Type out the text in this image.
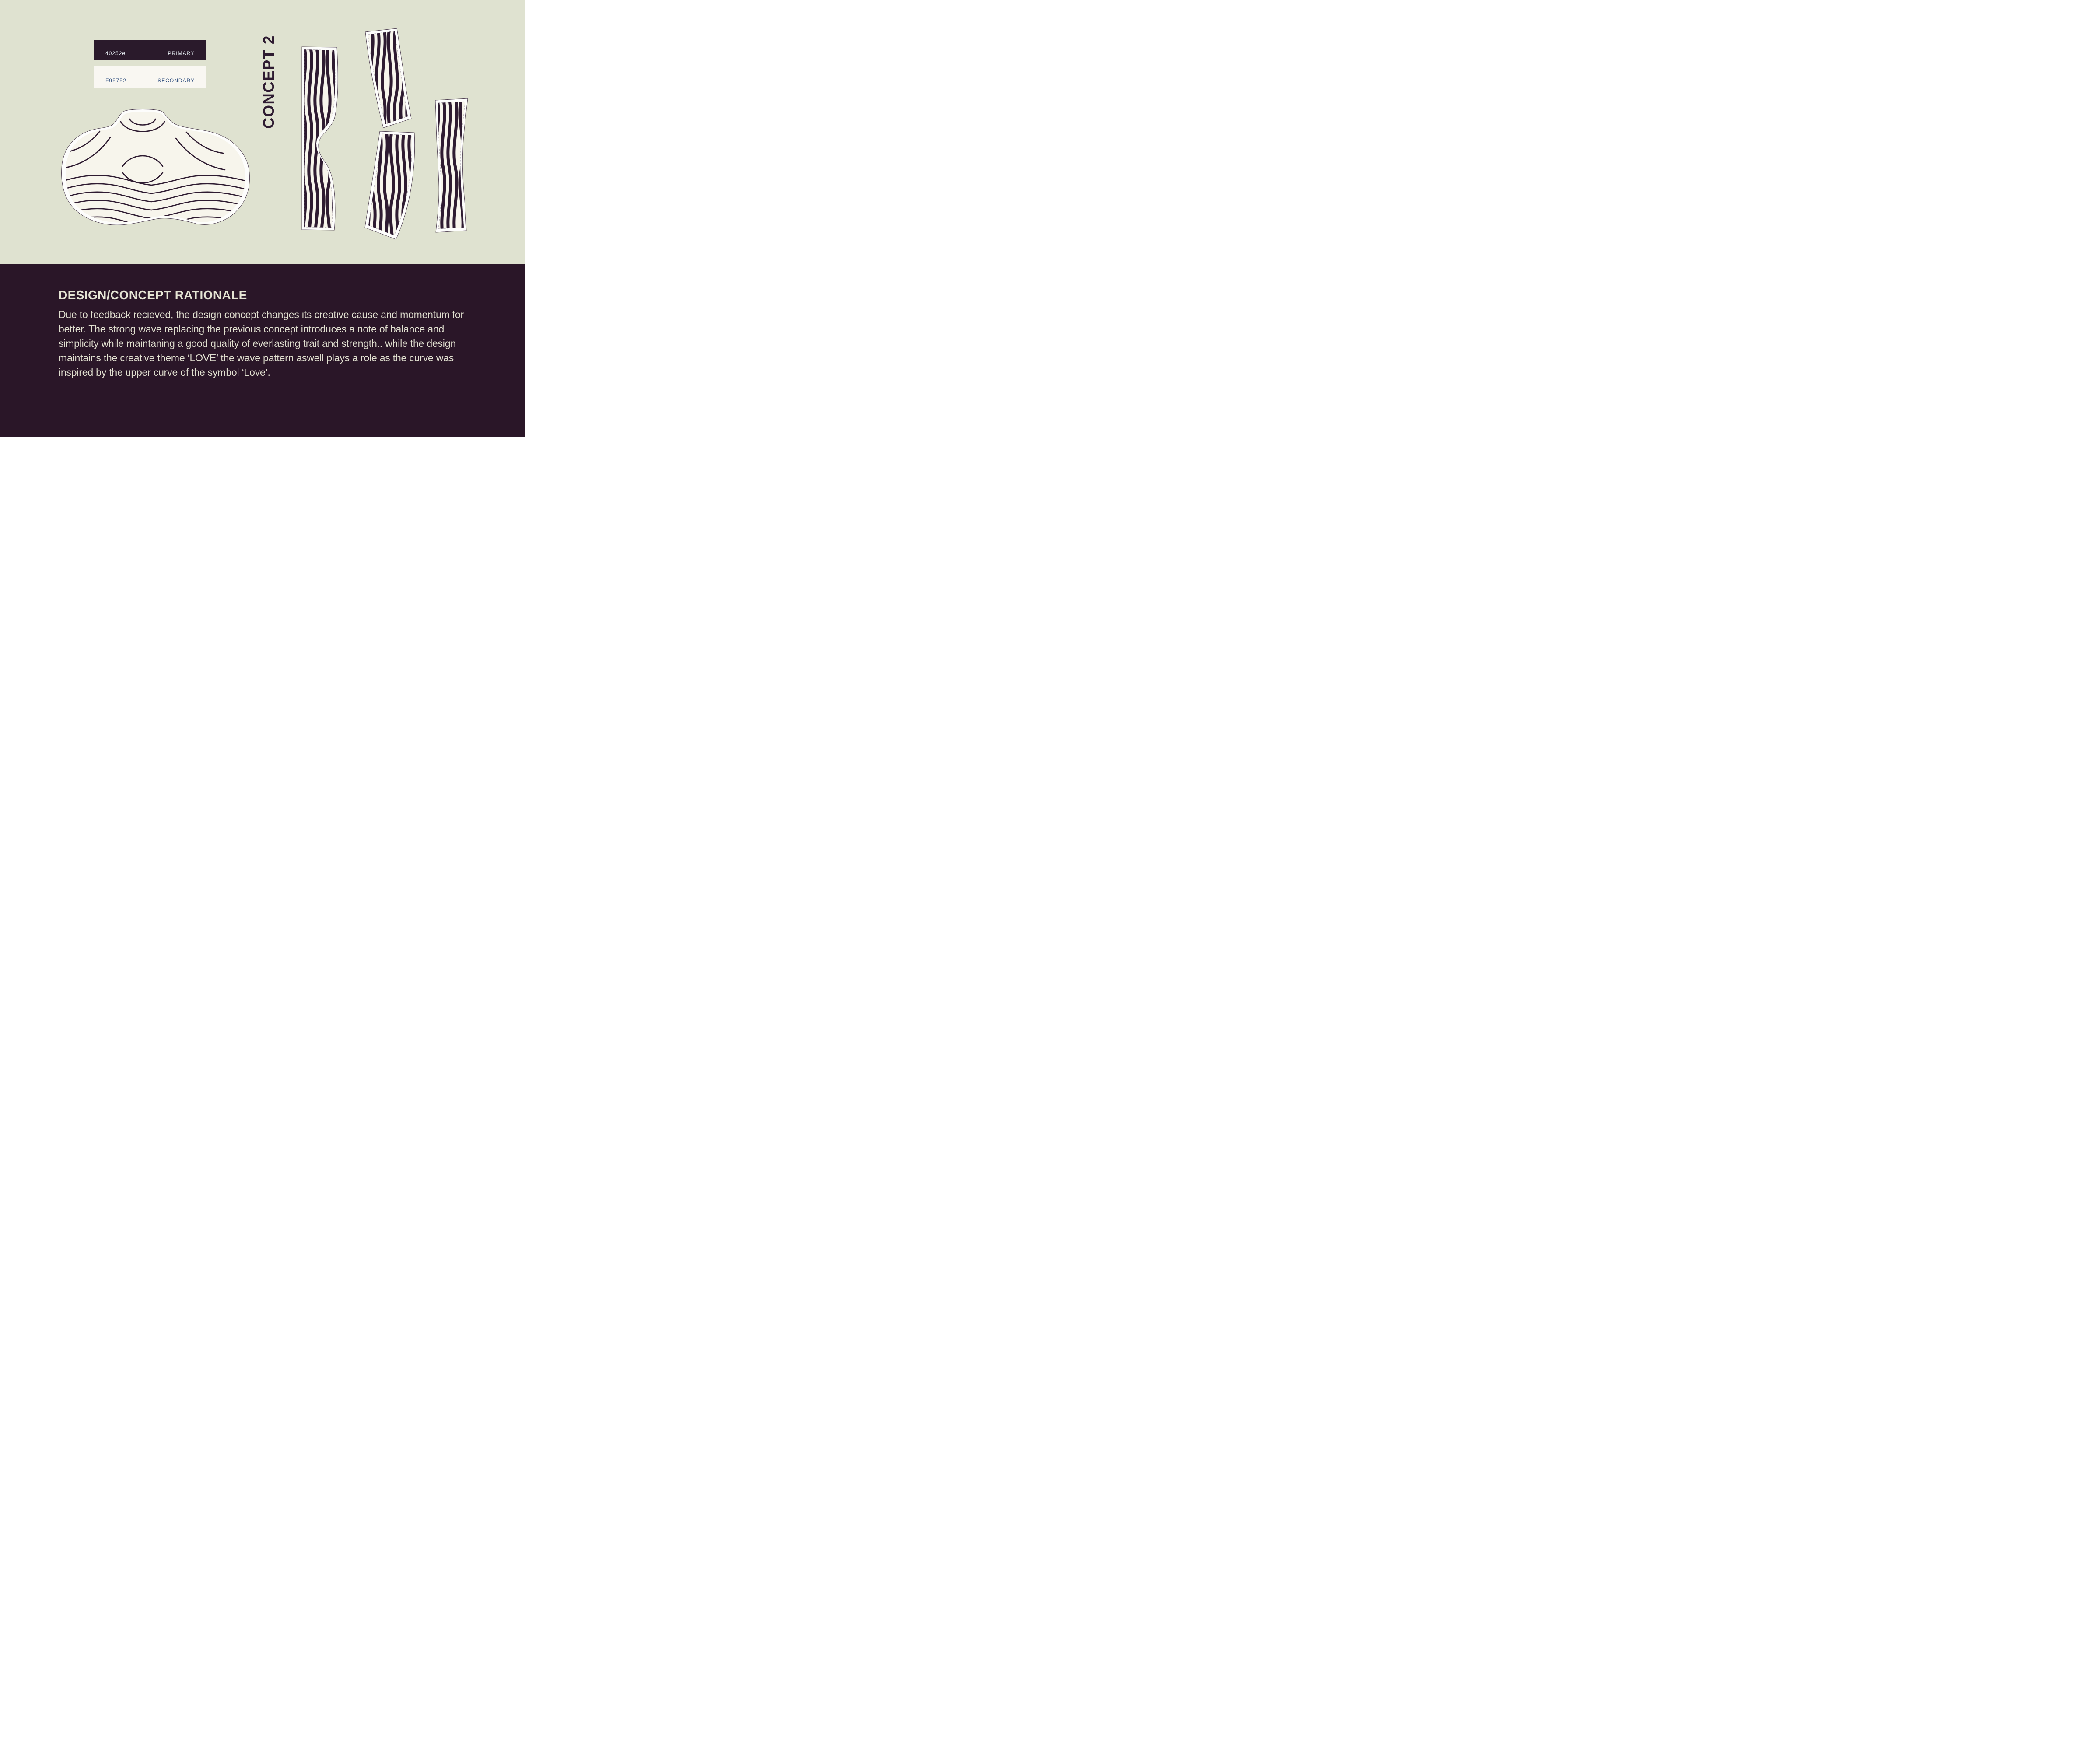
40252e	PRIMARY
F9F7F2	SECONDARY	CONCEPT 2
DESIGN/CONCEPT RATIONALE
Due to feedback recieved, the design concept changes its creative cause and momentum for better. The strong wave replacing the previous concept introduces a note of balance and simplicity while maintaning a good quality of everlasting trait and strength.. while the design maintains the creative theme ‘LOVE’ the wave pattern aswell plays a role as the curve was inspired by the upper curve of the symbol ‘Love’.
